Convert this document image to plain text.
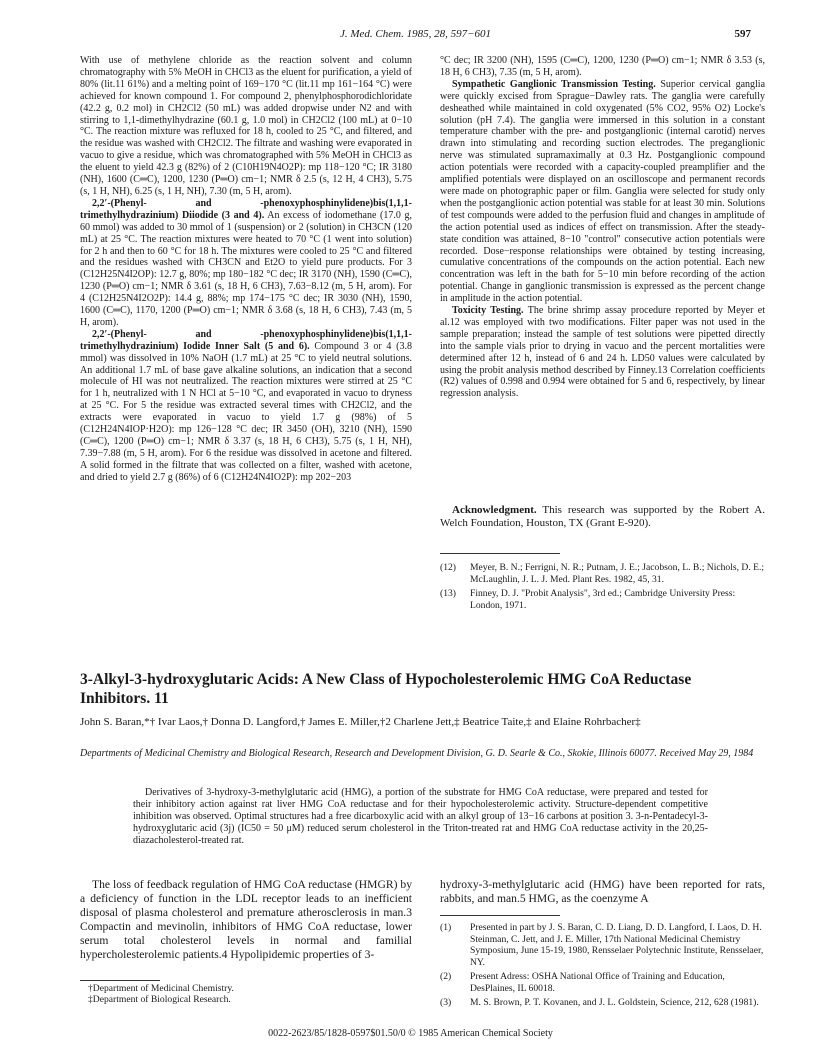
J. Med. Chem. 1985, 28, 597−601	597

With use of methylene chloride as the reaction solvent and column chromatography with 5% MeOH in CHCl3 as the eluent for purification, a yield of 80% (lit.11 61%) and a melting point of 169−170 °C (lit.11 mp 161−164 °C) were achieved for known compound 1. For compound 2, phenylphosphorodichloridate (42.2 g, 0.2 mol) in CH2Cl2 (50 mL) was added dropwise under N2 and with stirring to 1,1-dimethylhydrazine (60.1 g, 1.0 mol) in CH2Cl2 (100 mL) at 0−10 °C. The reaction mixture was refluxed for 18 h, cooled to 25 °C, and filtered, and the residue was washed with CH2Cl2. The filtrate and washing were evaporated in vacuo to give a residue, which was chromatographed with 5% MeOH in CHCl3 as the eluent to yield 42.3 g (82%) of 2 (C10H19N4O2P): mp 118−120 °C; IR 3180 (NH), 1600 (C═C), 1200, 1230 (P═O) cm−1; NMR δ 2.5 (s, 12 H, 4 CH3), 5.75 (s, 1 H, NH), 6.25 (s, 1 H, NH), 7.30 (m, 5 H, arom).

2,2′-(Phenyl- and -phenoxyphosphinylidene)bis(1,1,1-trimethylhydrazinium) Diiodide (3 and 4). An excess of iodomethane (17.0 g, 60 mmol) was added to 30 mmol of 1 (suspension) or 2 (solution) in CH3CN (120 mL) at 25 °C. The reaction mixtures were heated to 70 °C (1 went into solution) for 2 h and then to 60 °C for 18 h. The mixtures were cooled to 25 °C and filtered and the residues washed with CH3CN and Et2O to yield pure products. For 3 (C12H25N4I2OP): 12.7 g, 80%; mp 180−182 °C dec; IR 3170 (NH), 1590 (C═C), 1230 (P═O) cm−1; NMR δ 3.61 (s, 18 H, 6 CH3), 7.63−8.12 (m, 5 H, arom). For 4 (C12H25N4I2O2P): 14.4 g, 88%; mp 174−175 °C dec; IR 3030 (NH), 1590, 1600 (C═C), 1170, 1200 (P═O) cm−1; NMR δ 3.68 (s, 18 H, 6 CH3), 7.43 (m, 5 H, arom).

2,2′-(Phenyl- and -phenoxyphosphinylidene)bis(1,1,1-trimethylhydrazinium) Iodide Inner Salt (5 and 6). Compound 3 or 4 (3.8 mmol) was dissolved in 10% NaOH (1.7 mL) at 25 °C to yield neutral solutions. An additional 1.7 mL of base gave alkaline solutions, an indication that a second molecule of HI was not neutralized. The reaction mixtures were stirred at 25 °C for 1 h, neutralized with 1 N HCl at 5−10 °C, and evaporated in vacuo to dryness at 25 °C. For 5 the residue was extracted several times with CH2Cl2, and the extracts were evaporated in vacuo to yield 1.7 g (98%) of 5 (C12H24N4IOP·H2O): mp 126−128 °C dec; IR 3450 (OH), 3210 (NH), 1590 (C═C), 1200 (P═O) cm−1; NMR δ 3.37 (s, 18 H, 6 CH3), 5.75 (s, 1 H, NH), 7.39−7.88 (m, 5 H, arom). For 6 the residue was dissolved in acetone and filtered. A solid formed in the filtrate that was collected on a filter, washed with acetone, and dried to yield 2.7 g (86%) of 6 (C12H24N4IO2P): mp 202−203

°C dec; IR 3200 (NH), 1595 (C═C), 1200, 1230 (P═O) cm−1; NMR δ 3.53 (s, 18 H, 6 CH3), 7.35 (m, 5 H, arom).

Sympathetic Ganglionic Transmission Testing. Superior cervical ganglia were quickly excised from Sprague−Dawley rats. The ganglia were carefully desheathed while maintained in cold oxygenated (5% CO2, 95% O2) Locke's solution (pH 7.4). The ganglia were immersed in this solution in a constant temperature chamber with the pre- and postganglionic (internal carotid) nerves drawn into stimulating and recording suction electrodes. The preganglionic nerve was stimulated supramaximally at 0.3 Hz. Postganglionic compound action potentials were recorded with a capacity-coupled preamplifier and the amplified potentials were displayed on an oscilloscope and permanent records were made on photographic paper or film. Ganglia were selected for study only when the postganglionic action potential was stable for at least 30 min. Solutions of test compounds were added to the perfusion fluid and changes in amplitude of the action potential used as indices of effect on transmission. After the steady-state condition was attained, 8−10 "control" consecutive action potentials were recorded. Dose−response relationships were obtained by testing increasing, cumulative concentrations of the compounds on the action potential. Each new concentration was left in the bath for 5−10 min before recording of the action potential. Change in ganglionic transmission is expressed as the percent change in amplitude in the action potential.

Toxicity Testing. The brine shrimp assay procedure reported by Meyer et al.12 was employed with two modifications. Filter paper was not used in the sample preparation; instead the sample of test solutions were pipetted directly into the sample vials prior to drying in vacuo and the percent mortalities were determined after 12 h, instead of 6 and 24 h. LD50 values were calculated by using the probit analysis method described by Finney.13 Correlation coefficients (R2) values of 0.998 and 0.994 were obtained for 5 and 6, respectively, by linear regression analysis.

Acknowledgment. This research was supported by the Robert A. Welch Foundation, Houston, TX (Grant E-920).

(12) Meyer, B. N.; Ferrigni, N. R.; Putnam, J. E.; Jacobson, L. B.; Nichols, D. E.; McLaughlin, J. L. J. Med. Plant Res. 1982, 45, 31.
(13) Finney, D. J. "Probit Analysis", 3rd ed.; Cambridge University Press: London, 1971.
3-Alkyl-3-hydroxyglutaric Acids: A New Class of Hypocholesterolemic HMG CoA Reductase Inhibitors. 11
John S. Baran,*† Ivar Laos,† Donna D. Langford,† James E. Miller,†2 Charlene Jett,‡ Beatrice Taite,‡ and Elaine Rohrbacher‡
Departments of Medicinal Chemistry and Biological Research, Research and Development Division, G. D. Searle & Co., Skokie, Illinois 60077. Received May 29, 1984

Derivatives of 3-hydroxy-3-methylglutaric acid (HMG), a portion of the substrate for HMG CoA reductase, were prepared and tested for their inhibitory action against rat liver HMG CoA reductase and for their hypocholesterolemic activity. Structure-dependent competitive inhibition was observed. Optimal structures had a free dicarboxylic acid with an alkyl group of 13−16 carbons at position 3. 3-n-Pentadecyl-3-hydroxyglutaric acid (3j) (IC50 = 50 μM) reduced serum cholesterol in the Triton-treated rat and HMG CoA reductase activity in the 20,25-diazacholesterol-treated rat.

The loss of feedback regulation of HMG CoA reductase (HMGR) by a deficiency of function in the LDL receptor leads to an inefficient disposal of plasma cholesterol and premature atherosclerosis in man.3 Compactin and mevinolin, inhibitors of HMG CoA reductase, lower serum total cholesterol levels in normal and familial hypercholesterolemic patients.4 Hypolipidemic properties of 3-

hydroxy-3-methylglutaric acid (HMG) have been reported for rats, rabbits, and man.5 HMG, as the coenzyme A

†Department of Medicinal Chemistry.
‡Department of Biological Research.
(1) Presented in part by J. S. Baran, C. D. Liang, D. D. Langford, I. Laos, D. H. Steinman, C. Jett, and J. E. Miller, 17th National Medicinal Chemistry Symposium, June 15-19, 1980, Rensselaer Polytechnic Institute, Rensselaer, NY.
(2) Present Adress: OSHA National Office of Training and Education, DesPlaines, IL 60018.
(3) M. S. Brown, P. T. Kovanen, and J. L. Goldstein, Science, 212, 628 (1981).
0022-2623/85/1828-0597$01.50/0 © 1985 American Chemical Society
